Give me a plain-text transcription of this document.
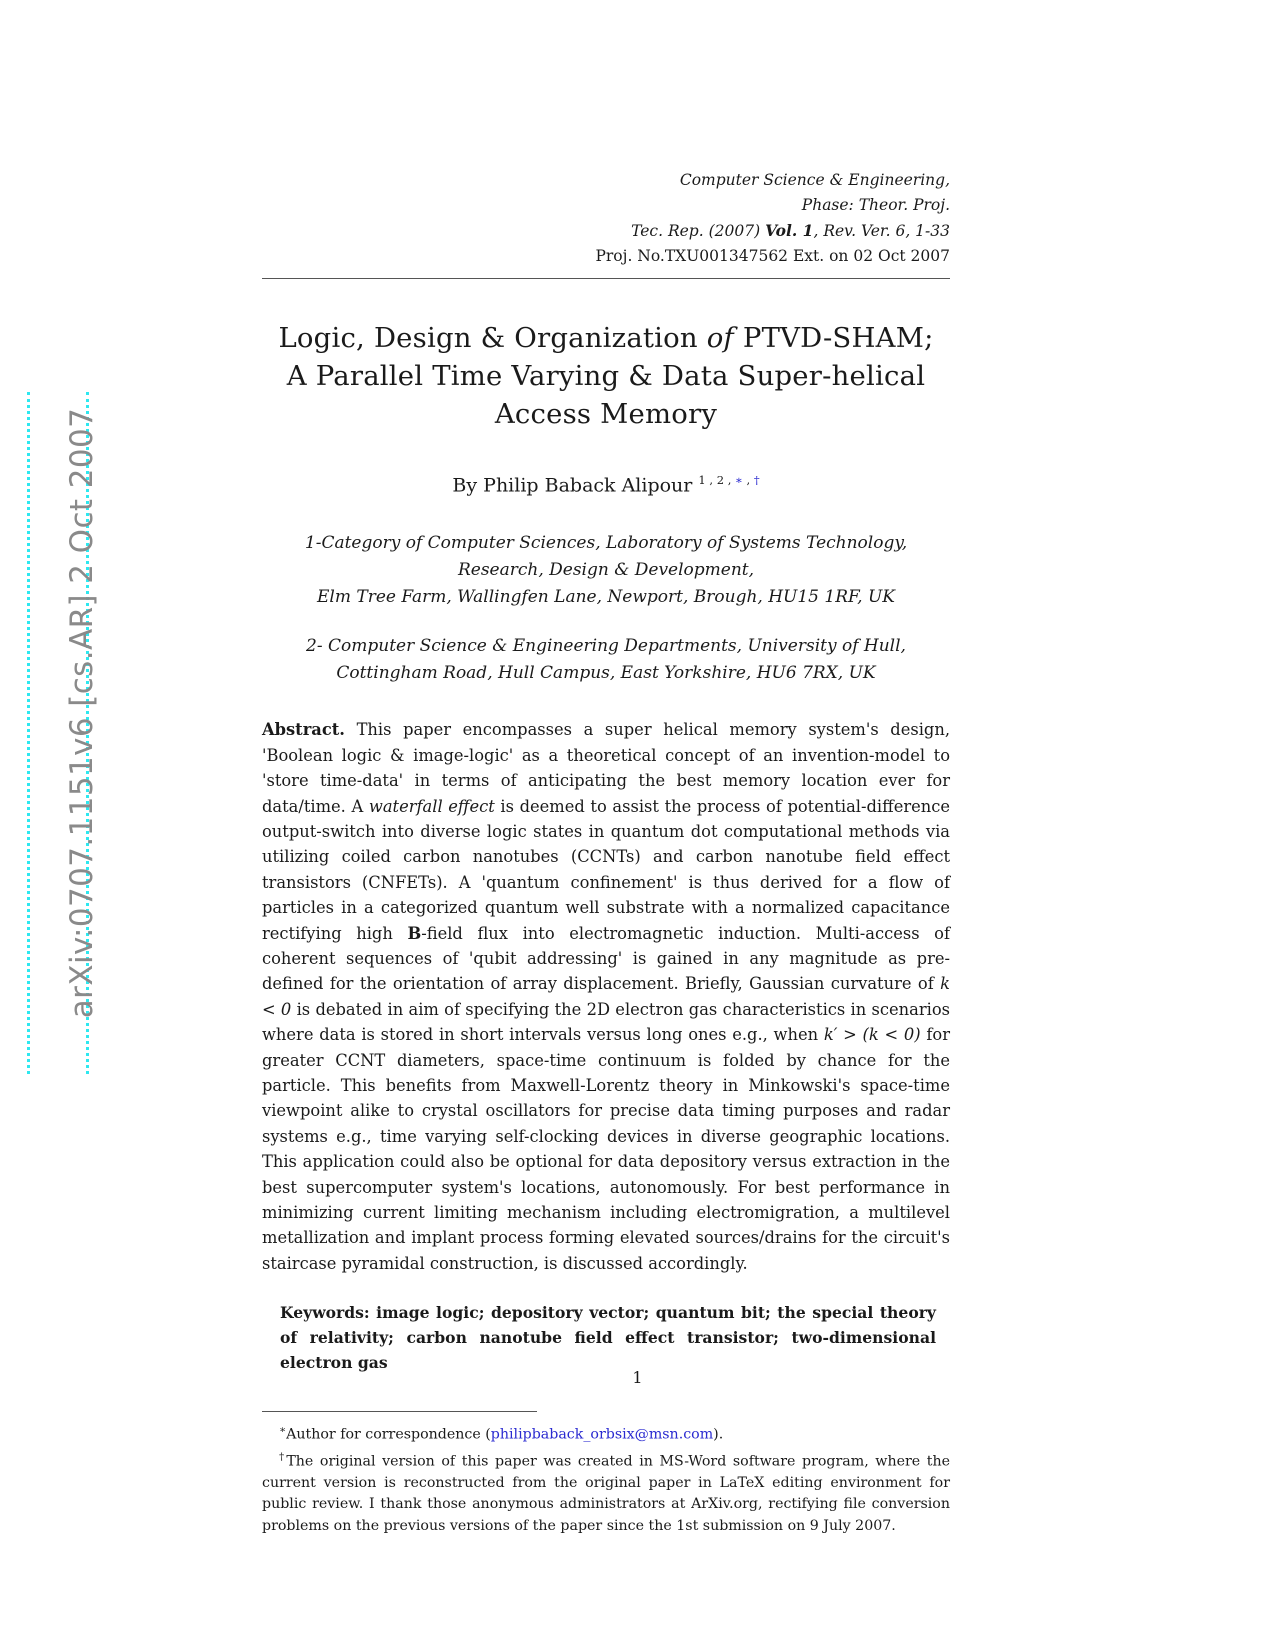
arXiv:0707.1151v6 [cs.AR] 2 Oct 2007
Computer Science & Engineering,
Phase: Theor. Proj.
Tec. Rep. (2007) Vol. 1, Rev. Ver. 6, 1-33
Proj. No.TXU001347562 Ext. on 02 Oct 2007
Logic, Design & Organization of PTVD-SHAM;
A Parallel Time Varying & Data Super-helical
Access Memory
By Philip Baback Alipour $^1$ , $^2$ , ∗ , †
1-Category of Computer Sciences, Laboratory of Systems Technology,
Research, Design & Development,
Elm Tree Farm, Wallingfen Lane, Newport, Brough, HU15 1RF, UK
2- Computer Science & Engineering Departments, University of Hull,
Cottingham Road, Hull Campus, East Yorkshire, HU6 7RX, UK
Abstract. This paper encompasses a super helical memory system's design, 'Boolean logic & image-logic' as a theoretical concept of an invention-model to 'store time-data' in terms of anticipating the best memory location ever for data/time. A waterfall effect is deemed to assist the process of potential-difference output-switch into diverse logic states in quantum dot computational methods via utilizing coiled carbon nanotubes (CCNTs) and carbon nanotube field effect transistors (CNFETs). A 'quantum confinement' is thus derived for a flow of particles in a categorized quantum well substrate with a normalized capacitance rectifying high B-field flux into electromagnetic induction. Multi-access of coherent sequences of 'qubit addressing' is gained in any magnitude as pre-defined for the orientation of array displacement. Briefly, Gaussian curvature of k < 0 is debated in aim of specifying the 2D electron gas characteristics in scenarios where data is stored in short intervals versus long ones e.g., when k′ > (k < 0) for greater CCNT diameters, space-time continuum is folded by chance for the particle. This benefits from Maxwell-Lorentz theory in Minkowski's space-time viewpoint alike to crystal oscillators for precise data timing purposes and radar systems e.g., time varying self-clocking devices in diverse geographic locations. This application could also be optional for data depository versus extraction in the best supercomputer system's locations, autonomously. For best performance in minimizing current limiting mechanism including electromigration, a multilevel metallization and implant process forming elevated sources/drains for the circuit's staircase pyramidal construction, is discussed accordingly.
Keywords: image logic; depository vector; quantum bit; the special theory of relativity; carbon nanotube field effect transistor; two-dimensional electron gas
∗Author for correspondence (philipbaback_orbsix@msn.com).
†The original version of this paper was created in MS-Word software program, where the current version is reconstructed from the original paper in LaTeX editing environment for public review. I thank those anonymous administrators at ArXiv.org, rectifying file conversion problems on the previous versions of the paper since the 1st submission on 9 July 2007.
1
